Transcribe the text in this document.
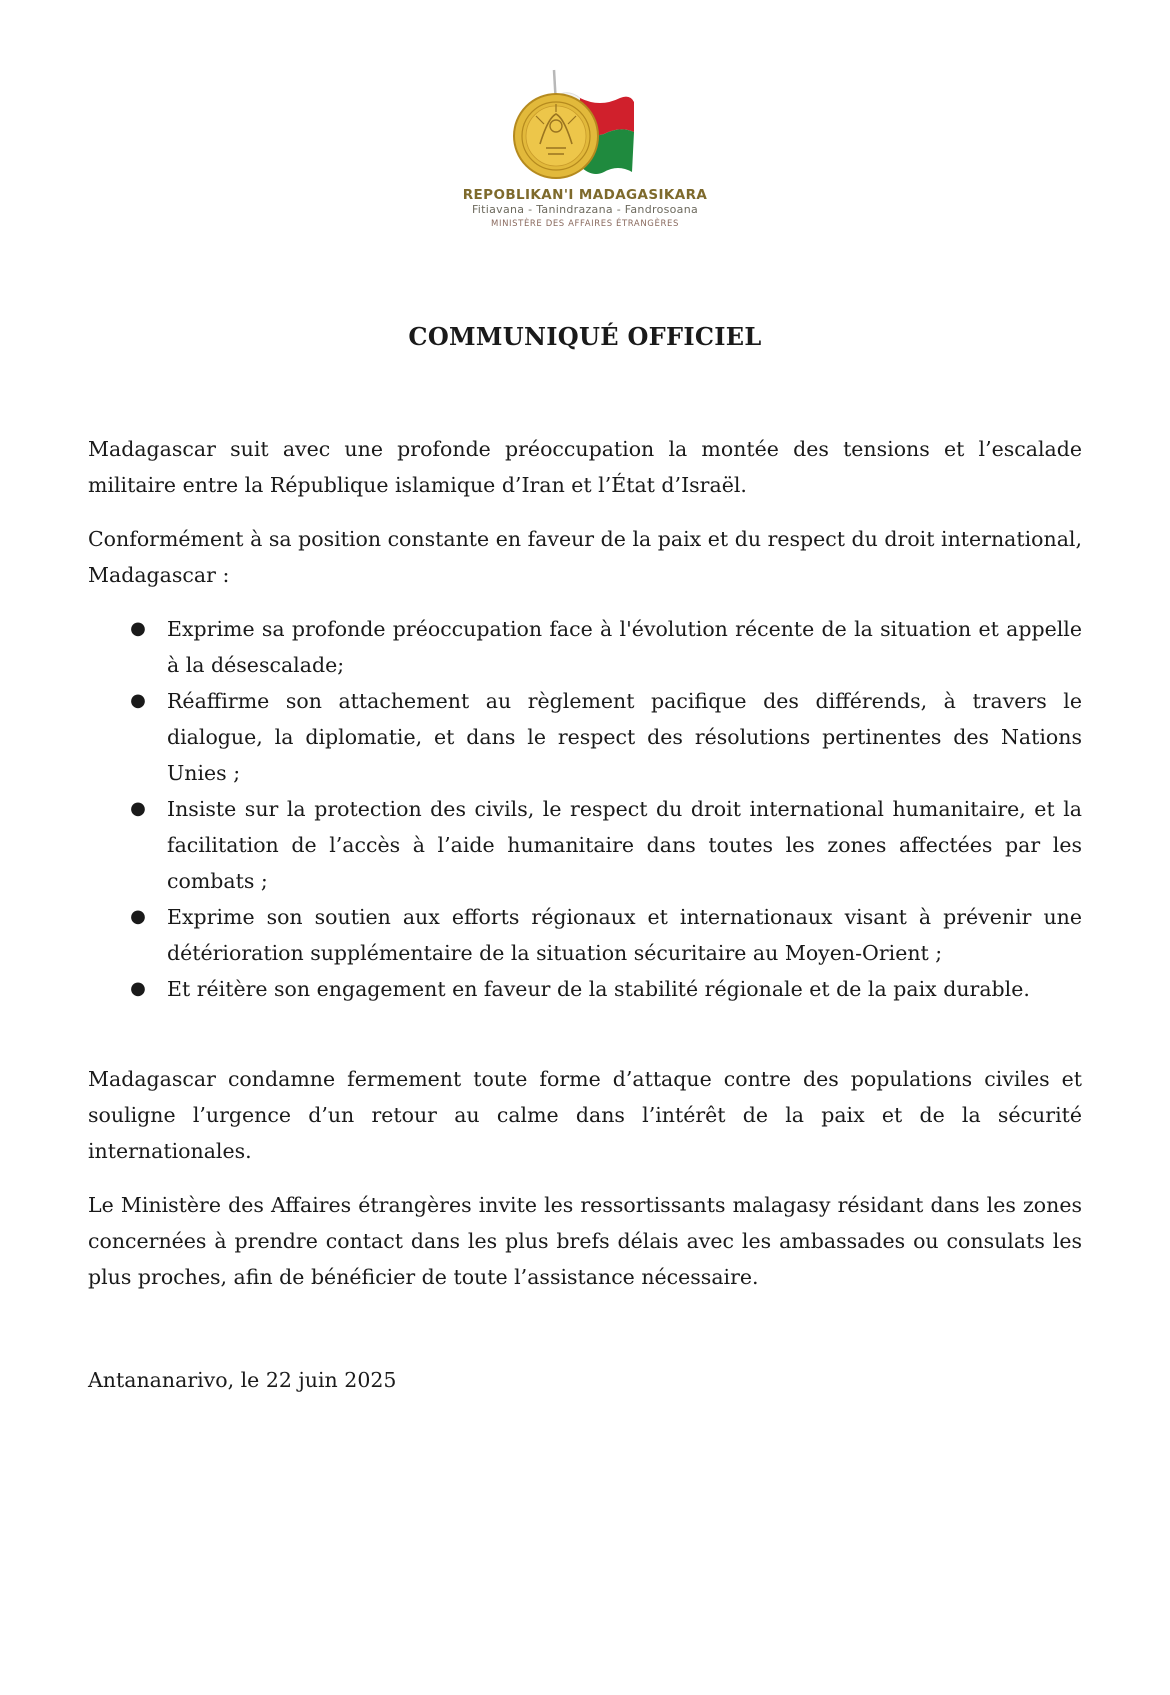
REPOBLIKAN'I MADAGASIKARA
Fitiavana - Tanindrazana - Fandrosoana
MINISTÈRE DES AFFAIRES ÉTRANGÈRES
COMMUNIQUÉ OFFICIEL

Madagascar suit avec une profonde préoccupation la montée des tensions et l’escalade militaire entre la République islamique d’Iran et l’État d’Israël.

Conformément à sa position constante en faveur de la paix et du respect du droit international, Madagascar :

● Exprime sa profonde préoccupation face à l'évolution récente de la situation et appelle à la désescalade;
● Réaffirme son attachement au règlement pacifique des différends, à travers le dialogue, la diplomatie, et dans le respect des résolutions pertinentes des Nations Unies ;
● Insiste sur la protection des civils, le respect du droit international humanitaire, et la facilitation de l’accès à l’aide humanitaire dans toutes les zones affectées par les combats ;
● Exprime son soutien aux efforts régionaux et internationaux visant à prévenir une détérioration supplémentaire de la situation sécuritaire au Moyen-Orient ;
● Et réitère son engagement en faveur de la stabilité régionale et de la paix durable.

Madagascar condamne fermement toute forme d’attaque contre des populations civiles et souligne l’urgence d’un retour au calme dans l’intérêt de la paix et de la sécurité internationales.

Le Ministère des Affaires étrangères invite les ressortissants malagasy résidant dans les zones concernées à prendre contact dans les plus brefs délais avec les ambassades ou consulats les plus proches, afin de bénéficier de toute l’assistance nécessaire.

Antananarivo, le 22 juin 2025
